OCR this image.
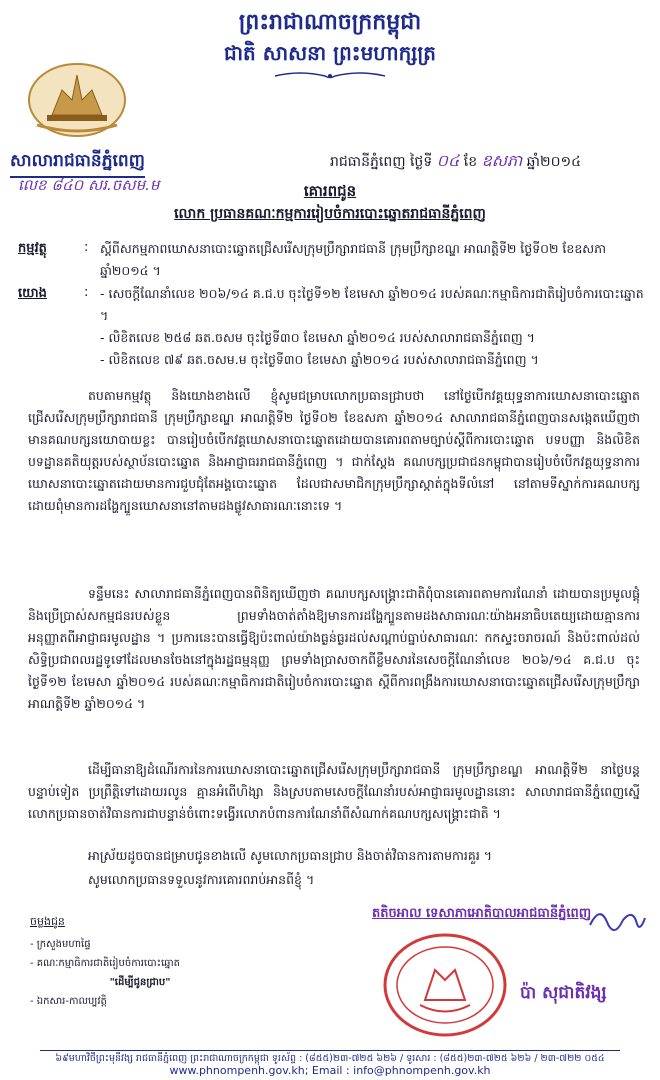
ព្រះរាជាណាចក្រកម្ពុជា
ជាតិ សាសនា ព្រះមហាក្សត្រ
សាលារាជធានីភ្នំពេញ
លេខ ៨៤០ សរ.ចសម.ម
រាជធានីភ្នំពេញ ថ្ងៃទី ០៤ ខែ ឧសភា ឆ្នាំ២០១៤
គោរពជូន
លោក ប្រធានគណៈកម្មការរៀបចំការបោះឆ្នោតរាជធានីភ្នំពេញ
កម្មវត្ថុ	: ស្តីពីសកម្មភាពឃោសនាបោះឆ្នោតជ្រើសរើសក្រុមប្រឹក្សារាជធានី ក្រុមប្រឹក្សាខណ្ឌ អាណត្តិទី២ ថ្ងៃទី០២ ខែឧសភា ឆ្នាំ២០១៤ ។
យោង	: - សេចក្តីណែនាំលេខ ២០៦/១៤ គ.ជ.ប ចុះថ្ងៃទី១២ ខែមេសា ឆ្នាំ២០១៤ របស់គណៈកម្មាធិការជាតិរៀបចំការបោះឆ្នោត ។
- លិខិតលេខ ២៥៨ ឆត.ចសម ចុះថ្ងៃទី៣០ ខែមេសា ឆ្នាំ២០១៤ របស់សាលារាជធានីភ្នំពេញ ។
- លិខិតលេខ ៧៩ ឆត.ចសម.ម ចុះថ្ងៃទី៣០ ខែមេសា ឆ្នាំ២០១៤ របស់សាលារាជធានីភ្នំពេញ ។
តបតាមកម្មវត្ថុ និងយោងខាងលើ ខ្ញុំសូមជម្រាបលោកប្រធានជ្រាបថា នៅថ្ងៃបើកវគ្គយុទ្ធនាការឃោសនាបោះឆ្នោតជ្រើសរើសក្រុមប្រឹក្សារាជធានី ក្រុមប្រឹក្សាខណ្ឌ អាណត្តិទី២ ថ្ងៃទី០២ ខែឧសភា ឆ្នាំ២០១៤ សាលារាជធានីភ្នំពេញបានសង្កេតឃើញថា មានគណបក្សនយោបាយខ្លះ បានរៀបចំបើកវគ្គឃោសនាបោះឆ្នោតដោយបានគោរពតាមច្បាប់ស្តីពីការបោះឆ្នោត បទបញ្ញា និងលិខិតបទដ្ឋានគតិយុត្តរបស់ស្ថាប័នបោះឆ្នោត និងអាជ្ញាធររាជធានីភ្នំពេញ ។ ជាក់ស្តែង គណបក្សប្រជាជនកម្ពុជាបានរៀបចំបើកវគ្គយុទ្ធនាការឃោសនាបោះឆ្នោតដោយមានការជួបជុំតែអង្គបោះឆ្នោត ដែលជាសមាជិកក្រុមប្រឹក្សាស្កាត់ក្នុងទីលំនៅ នៅតាមទីស្នាក់ការគណបក្ស ដោយពុំមានការដង្ហែក្បួនឃោសនានៅតាមដងផ្លូវសាធារណៈនោះទេ ។
ទន្ទឹមនេះ សាលារាជធានីភ្នំពេញបានពិនិត្យឃើញថា គណបក្សសង្គ្រោះជាតិពុំបានគោរពតាមការណែនាំ ដោយបានប្រមូលផ្តុំ និងប្រើប្រាស់សកម្មជនរបស់ខ្លួន ព្រមទាំងចាត់តាំងឱ្យមានការដង្ហែក្បួនតាមដងសាធារណៈយ៉ាងអនាធិបតេយ្យដោយគ្មានការអនុញ្ញាតពីអាជ្ញាធរមូលដ្ឋាន ។ ប្រការនេះបានធ្វើឱ្យប៉ះពាល់យ៉ាងធ្ងន់ធ្ងរដល់សណ្តាប់ធ្នាប់សាធារណៈ កកស្ទះចរាចរណ៍ និងប៉ះពាល់ដល់សិទ្ធិប្រជាពលរដ្ឋទូទៅដែលមានចែងនៅក្នុងរដ្ឋធម្មនុញ្ញ ព្រមទាំងប្រាសចាកពីខ្លឹមសារនៃសេចក្តីណែនាំលេខ ២០៦/១៤ គ.ជ.ប ចុះថ្ងៃទី១២ ខែមេសា ឆ្នាំ២០១៤ របស់គណៈកម្មាធិការជាតិរៀបចំការបោះឆ្នោត ស្តីពីការពង្រឹងការឃោសនាបោះឆ្នោតជ្រើសរើសក្រុមប្រឹក្សា អាណត្តិទី២ ឆ្នាំ២០១៤ ។
ដើម្បីធានាឱ្យដំណើរការនៃការឃោសនាបោះឆ្នោតជ្រើសរើសក្រុមប្រឹក្សារាជធានី ក្រុមប្រឹក្សាខណ្ឌ អាណត្តិទី២ នាថ្ងៃបន្តបន្ទាប់ទៀត ប្រព្រឹត្តិទៅដោយរលូន គ្មានអំពើហិង្សា និងស្របតាមសេចក្តីណែនាំរបស់អាជ្ញាធរមូលដ្ឋាននោះ សាលារាជធានីភ្នំពេញស្នើលោកប្រធានចាត់វិធានការជាបន្ទាន់ចំពោះទង្វើរលោភបំពានការណែនាំពីសំណាក់គណបក្សសង្គ្រោះជាតិ ។
អាស្រ័យដូចបានជម្រាបជូនខាងលើ សូមលោកប្រធានជ្រាប និងចាត់វិធានការតាមការគួរ ។
សូមលោកប្រធានទទួលនូវការគោរពរាប់អានពីខ្ញុំ ។
ចម្លងជូន
- ក្រសួងមហាផ្ទៃ
- គណៈកម្មាធិការជាតិរៀបចំការបោះឆ្នោត
"ដើម្បីជូនជ្រាប"
- ឯកសារ-កាលប្បវត្តិ
តតិចអាល ទេសាភាអោតិបាលអាជធានីភ្នំពេញ
ប៉ា សុជាតិវង្ស
៦៩មហាវិថីព្រះមុនីវង្ស រាជធានីភ្នំពេញ ព្រះរាជាណាចក្រកម្ពុជា ទូរស័ព្ទ : (៨៥៥)២៣-៧២៥ ៦២៦ / ទូរសារ : (៨៥៥)២៣-៧២៥ ៦២៦ / ២៣-៧២២ ០៥៤
www.phnompenh.gov.kh; Email : info@phnompenh.gov.kh
